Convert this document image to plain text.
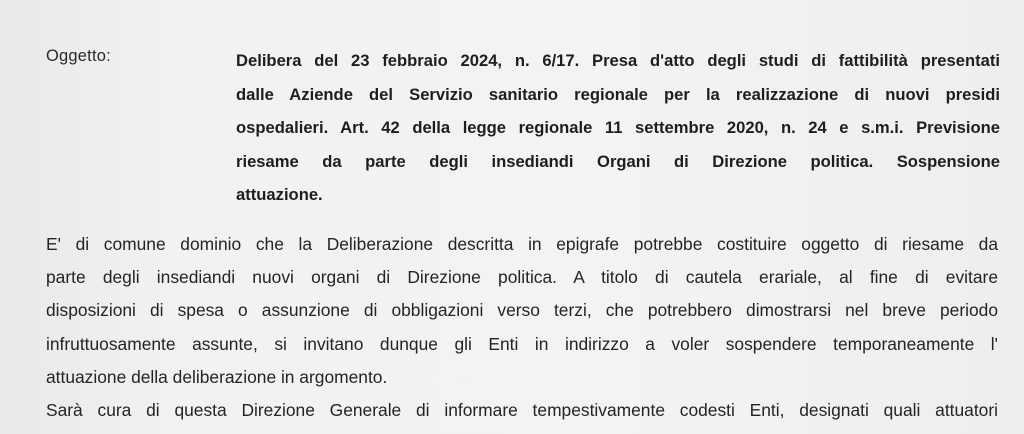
Oggetto:	Delibera del 23 febbraio 2024, n. 6/17. Presa d'atto degli studi di fattibilità presentati
dalle Aziende del Servizio sanitario regionale per la realizzazione di nuovi presidi
ospedalieri. Art. 42 della legge regionale 11 settembre 2020, n. 24 e s.m.i. Previsione
riesame da parte degli insediandi Organi di Direzione politica. Sospensione
attuazione.
E' di comune dominio che la Deliberazione descritta in epigrafe potrebbe costituire oggetto di riesame da
parte degli insediandi nuovi organi di Direzione politica. A titolo di cautela erariale, al fine di evitare
disposizioni di spesa o assunzione di obbligazioni verso terzi, che potrebbero dimostrarsi nel breve periodo
infruttuosamente assunte, si invitano dunque gli Enti in indirizzo a voler sospendere temporaneamente l'
attuazione della deliberazione in argomento.
Sarà cura di questa Direzione Generale di informare tempestivamente codesti Enti, designati quali attuatori
